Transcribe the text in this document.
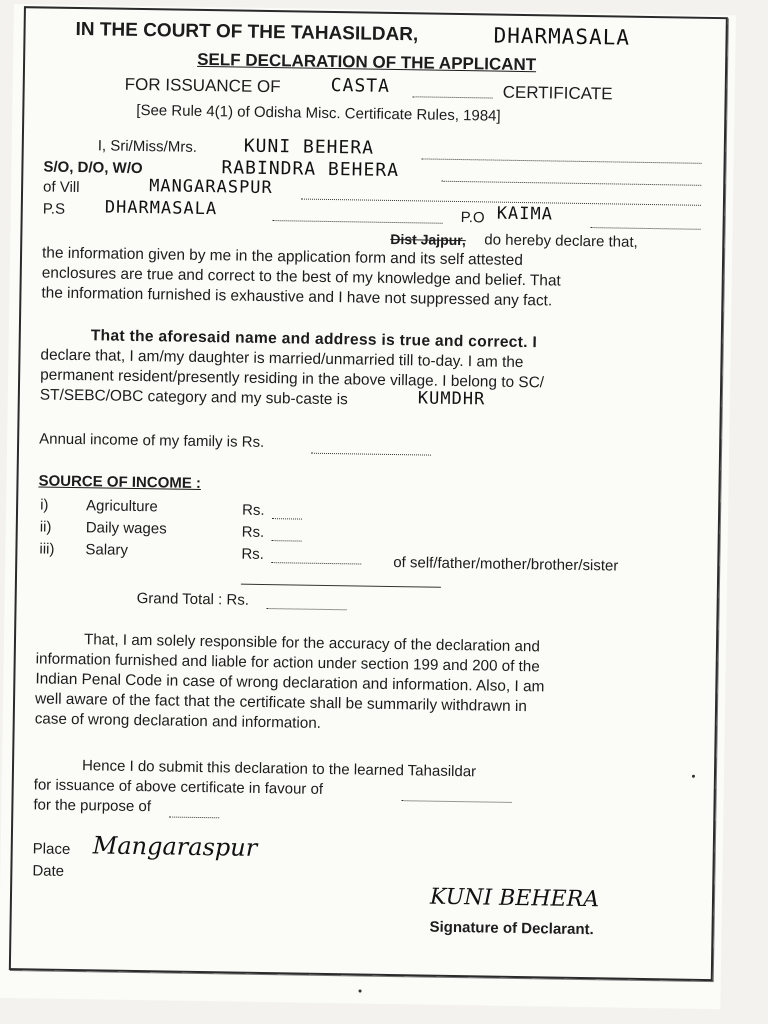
IN THE COURT OF THE TAHASILDAR,	DHARMASALA
SELF DECLARATION OF THE APPLICANT
FOR ISSUANCE OF	CASTA	CERTIFICATE
[See Rule 4(1) of Odisha Misc. Certificate Rules, 1984]
I, Sri/Miss/Mrs.	KUNI BEHERA
S/O, D/O, W/O	RABINDRA BEHERA
of Vill	MANGARASPUR
P.S DHARMASALA	P.O KAIMA
Dist Jajpur, do hereby declare that,
the information given by me in the application form and its self attested
enclosures are true and correct to the best of my knowledge and belief. That
the information furnished is exhaustive and I have not suppressed any fact.
That the aforesaid name and address is true and correct. I
declare that, I am/my daughter is married/unmarried till to-day. I am the
permanent resident/presently residing in the above village. I belong to SC/
ST/SEBC/OBC category and my sub-caste is	KUMDHR
Annual income of my family is Rs.
SOURCE OF INCOME :
i) Agriculture	Rs.
ii) Daily wages	Rs.
iii) Salary	Rs.	of self/father/mother/brother/sister
Grand Total : Rs.
That, I am solely responsible for the accuracy of the declaration and
information furnished and liable for action under section 199 and 200 of the
Indian Penal Code in case of wrong declaration and information. Also, I am
well aware of the fact that the certificate shall be summarily withdrawn in
case of wrong declaration and information.
Hence I do submit this declaration to the learned Tahasildar
for issuance of above certificate in favour of
for the purpose of
Place Mangaraspur
Date
KUNI BEHERA
Signature of Declarant.
